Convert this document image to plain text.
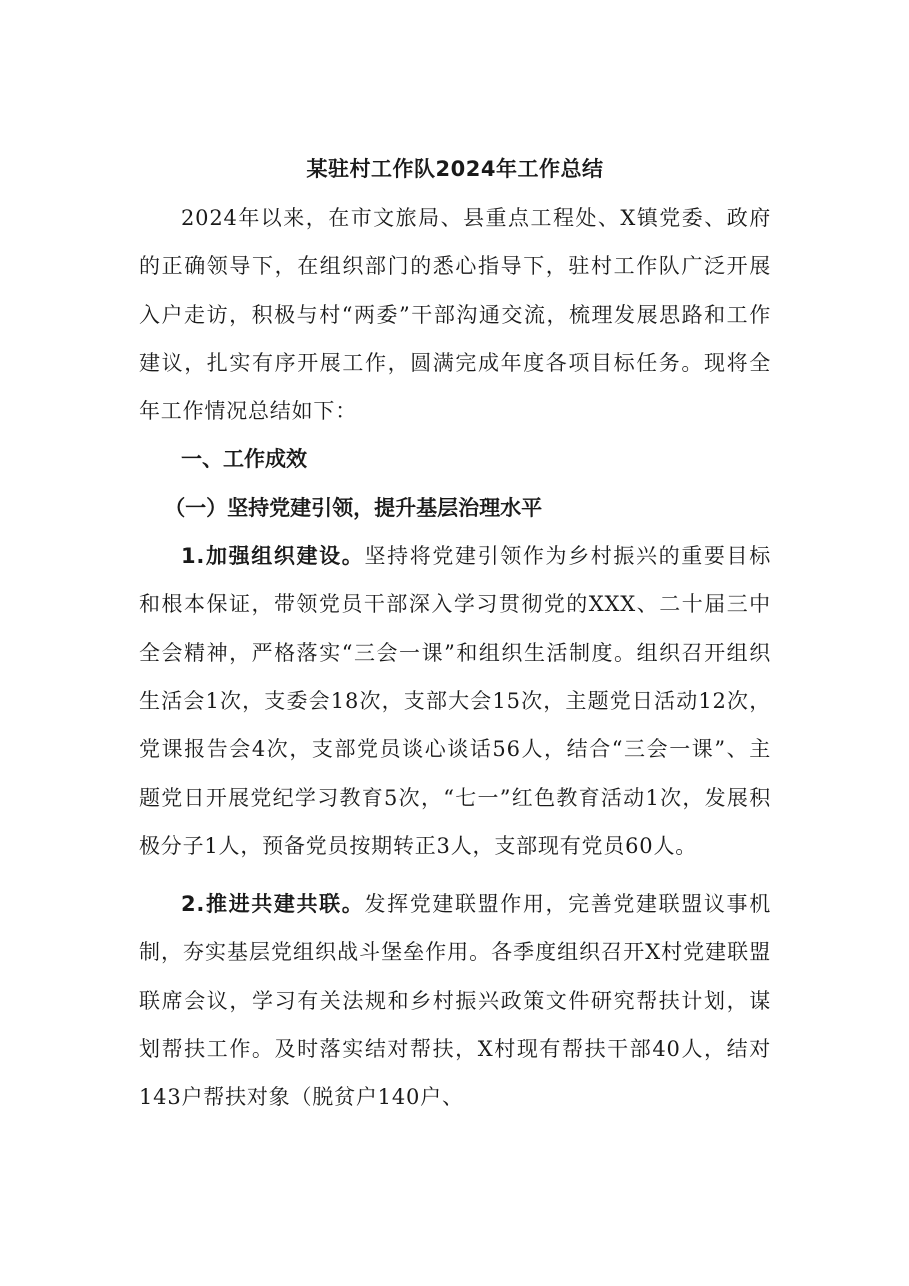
某驻村工作队2024年工作总结

2024年以来，在市文旅局、县重点工程处、X镇党委、政府的正确领导下，在组织部门的悉心指导下，驻村工作队广泛开展入户走访，积极与村“两委”干部沟通交流，梳理发展思路和工作建议，扎实有序开展工作，圆满完成年度各项目标任务。现将全年工作情况总结如下：

一、工作成效

（一）坚持党建引领，提升基层治理水平

1.加强组织建设。坚持将党建引领作为乡村振兴的重要目标和根本保证，带领党员干部深入学习贯彻党的XXX、二十届三中全会精神，严格落实“三会一课”和组织生活制度。组织召开组织生活会1次，支委会18次，支部大会15次，主题党日活动12次，党课报告会4次，支部党员谈心谈话56人，结合“三会一课”、主题党日开展党纪学习教育5次，“七一”红色教育活动1次，发展积极分子1人，预备党员按期转正3人，支部现有党员60人。

2.推进共建共联。发挥党建联盟作用，完善党建联盟议事机制，夯实基层党组织战斗堡垒作用。各季度组织召开X村党建联盟联席会议，学习有关法规和乡村振兴政策文件研究帮扶计划，谋划帮扶工作。及时落实结对帮扶，X村现有帮扶干部40人，结对143户帮扶对象（脱贫户140户、
